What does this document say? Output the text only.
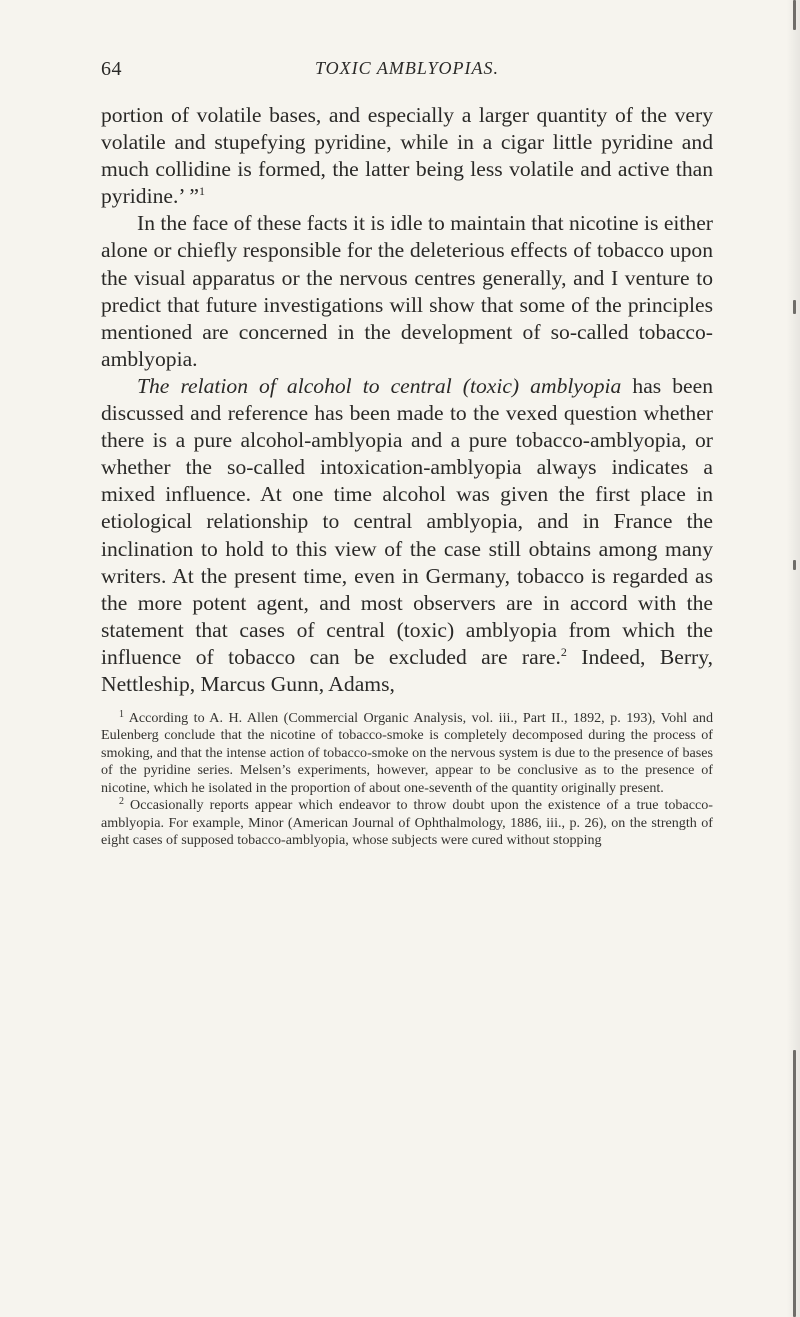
64	TOXIC AMBLYOPIAS.

portion of volatile bases, and especially a larger quantity of the very volatile and stupefying pyridine, while in a cigar little pyridine and much collidine is formed, the latter being less volatile and active than pyridine.’ ”$^1$

In the face of these facts it is idle to maintain that nicotine is either alone or chiefly responsible for the deleterious effects of tobacco upon the visual apparatus or the nervous centres generally, and I venture to predict that future investigations will show that some of the principles mentioned are concerned in the development of so-called tobacco-amblyopia.

The relation of alcohol to central (toxic) amblyopia has been discussed and reference has been made to the vexed question whether there is a pure alcohol-amblyopia and a pure tobacco-amblyopia, or whether the so-called intoxication-amblyopia always indicates a mixed influence. At one time alcohol was given the first place in etiological relationship to central amblyopia, and in France the inclination to hold to this view of the case still obtains among many writers. At the present time, even in Germany, tobacco is regarded as the more potent agent, and most observers are in accord with the statement that cases of central (toxic) amblyopia from which the influence of tobacco can be excluded are rare.$^2$ Indeed, Berry, Nettleship, Marcus Gunn, Adams,

$^1$ According to A. H. Allen (Commercial Organic Analysis, vol. iii., Part II., 1892, p. 193), Vohl and Eulenberg conclude that the nicotine of tobacco-smoke is completely decomposed during the process of smoking, and that the intense action of tobacco-smoke on the nervous system is due to the presence of bases of the pyridine series. Melsen’s experiments, however, appear to be conclusive as to the presence of nicotine, which he isolated in the proportion of about one-seventh of the quantity originally present.

$^2$ Occasionally reports appear which endeavor to throw doubt upon the existence of a true tobacco-amblyopia. For example, Minor (American Journal of Ophthalmology, 1886, iii., p. 26), on the strength of eight cases of supposed tobacco-amblyopia, whose subjects were cured without stopping
